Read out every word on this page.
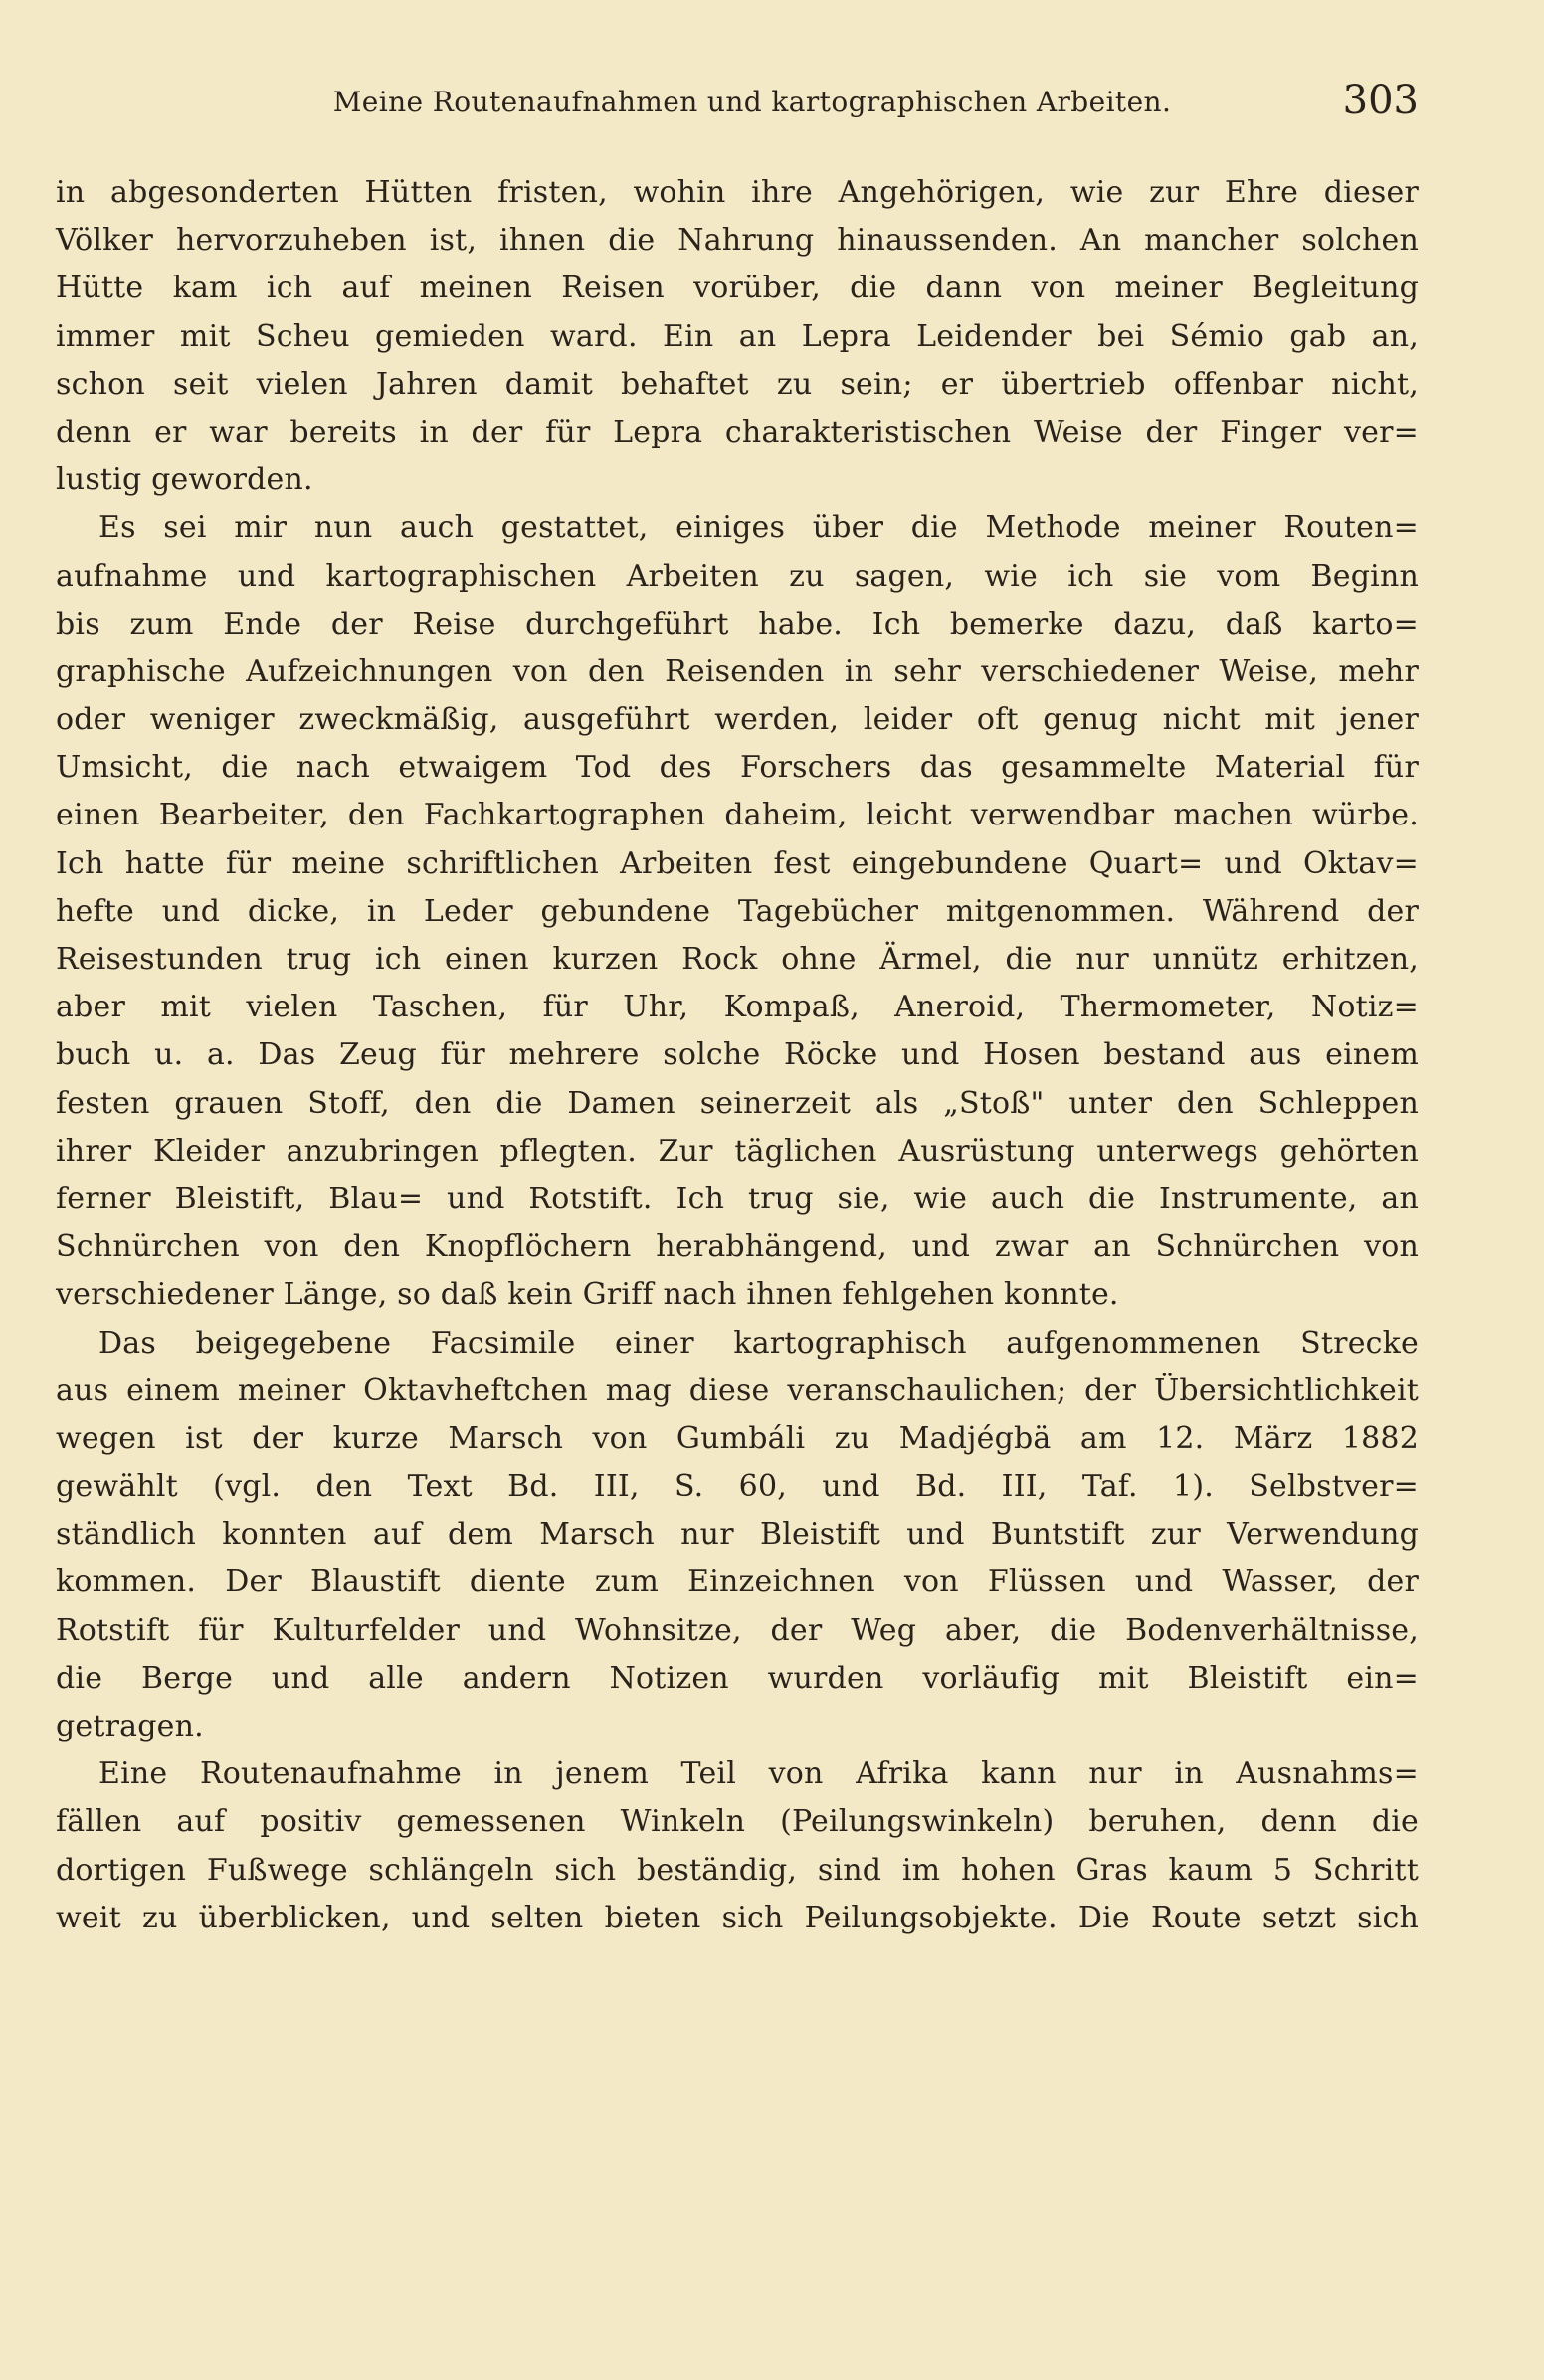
Meine Routenaufnahmen und kartographischen Arbeiten.	303

in abgesonderten Hütten fristen, wohin ihre Angehörigen, wie zur Ehre dieser
Völker hervorzuheben ist, ihnen die Nahrung hinaussenden. An mancher solchen
Hütte kam ich auf meinen Reisen vorüber, die dann von meiner Begleitung
immer mit Scheu gemieden ward. Ein an Lepra Leidender bei Sémio gab an,
schon seit vielen Jahren damit behaftet zu sein; er übertrieb offenbar nicht,
denn er war bereits in der für Lepra charakteristischen Weise der Finger ver=
lustig geworden.

Es sei mir nun auch gestattet, einiges über die Methode meiner Routen=
aufnahme und kartographischen Arbeiten zu sagen, wie ich sie vom Beginn
bis zum Ende der Reise durchgeführt habe. Ich bemerke dazu, daß karto=
graphische Aufzeichnungen von den Reisenden in sehr verschiedener Weise, mehr
oder weniger zweckmäßig, ausgeführt werden, leider oft genug nicht mit jener
Umsicht, die nach etwaigem Tod des Forschers das gesammelte Material für
einen Bearbeiter, den Fachkartographen daheim, leicht verwendbar machen würbe.
Ich hatte für meine schriftlichen Arbeiten fest eingebundene Quart= und Oktav=
hefte und dicke, in Leder gebundene Tagebücher mitgenommen. Während der
Reisestunden trug ich einen kurzen Rock ohne Ärmel, die nur unnütz erhitzen,
aber mit vielen Taschen, für Uhr, Kompaß, Aneroid, Thermometer, Notiz=
buch u. a. Das Zeug für mehrere solche Röcke und Hosen bestand aus einem
festen grauen Stoff, den die Damen seinerzeit als „Stoß" unter den Schleppen
ihrer Kleider anzubringen pflegten. Zur täglichen Ausrüstung unterwegs gehörten
ferner Bleistift, Blau= und Rotstift. Ich trug sie, wie auch die Instrumente, an
Schnürchen von den Knopflöchern herabhängend, und zwar an Schnürchen von
verschiedener Länge, so daß kein Griff nach ihnen fehlgehen konnte.

Das beigegebene Facsimile einer kartographisch aufgenommenen Strecke
aus einem meiner Oktavheftchen mag diese veranschaulichen; der Übersichtlichkeit
wegen ist der kurze Marsch von Gumbáli zu Madjégbä am 12. März 1882
gewählt (vgl. den Text Bd. III, S. 60, und Bd. III, Taf. 1). Selbstver=
ständlich konnten auf dem Marsch nur Bleistift und Buntstift zur Verwendung
kommen. Der Blaustift diente zum Einzeichnen von Flüssen und Wasser, der
Rotstift für Kulturfelder und Wohnsitze, der Weg aber, die Bodenverhältnisse,
die Berge und alle andern Notizen wurden vorläufig mit Bleistift ein=
getragen.

Eine Routenaufnahme in jenem Teil von Afrika kann nur in Ausnahms=
fällen auf positiv gemessenen Winkeln (Peilungswinkeln) beruhen, denn die
dortigen Fußwege schlängeln sich beständig, sind im hohen Gras kaum 5 Schritt
weit zu überblicken, und selten bieten sich Peilungsobjekte. Die Route setzt sich
